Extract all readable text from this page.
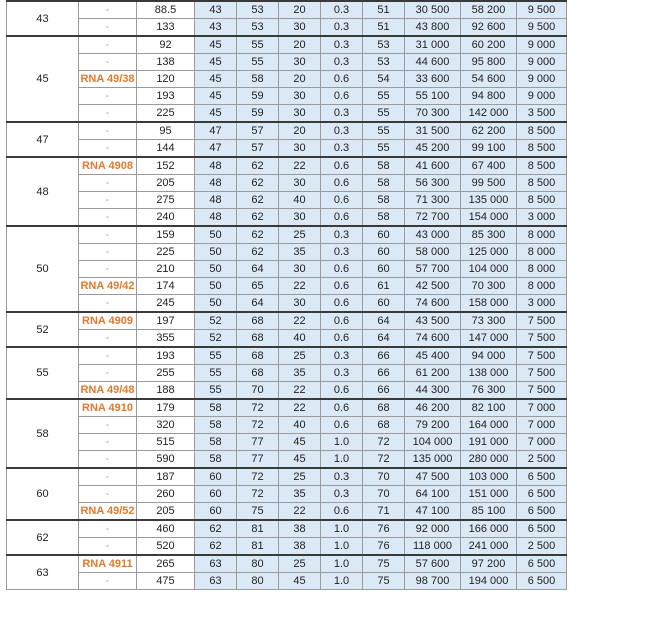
43	-	88.5	43	53	20	0.3	51	30 500	58 200	9 500
	-	133	43	53	30	0.3	51	43 800	92 600	9 500
45	-	92	45	55	20	0.3	53	31 000	60 200	9 000
	-	138	45	55	30	0.3	53	44 600	95 800	9 000
	RNA 49/38	120	45	58	20	0.6	54	33 600	54 600	9 000
	-	193	45	59	30	0.6	55	55 100	94 800	9 000
	-	225	45	59	30	0.3	55	70 300	142 000	3 500
47	-	95	47	57	20	0.3	55	31 500	62 200	8 500
	-	144	47	57	30	0.3	55	45 200	99 100	8 500
48	RNA 4908	152	48	62	22	0.6	58	41 600	67 400	8 500
	-	205	48	62	30	0.6	58	56 300	99 500	8 500
	-	275	48	62	40	0.6	58	71 300	135 000	8 500
	-	240	48	62	30	0.6	58	72 700	154 000	3 000
50	-	159	50	62	25	0.3	60	43 000	85 300	8 000
	-	225	50	62	35	0.3	60	58 000	125 000	8 000
	-	210	50	64	30	0.6	60	57 700	104 000	8 000
	RNA 49/42	174	50	65	22	0.6	61	42 500	70 300	8 000
	-	245	50	64	30	0.6	60	74 600	158 000	3 000
52	RNA 4909	197	52	68	22	0.6	64	43 500	73 300	7 500
	-	355	52	68	40	0.6	64	74 600	147 000	7 500
55	-	193	55	68	25	0.3	66	45 400	94 000	7 500
	-	255	55	68	35	0.3	66	61 200	138 000	7 500
	RNA 49/48	188	55	70	22	0.6	66	44 300	76 300	7 500
58	RNA 4910	179	58	72	22	0.6	68	46 200	82 100	7 000
	-	320	58	72	40	0.6	68	79 200	164 000	7 000
	-	515	58	77	45	1.0	72	104 000	191 000	7 000
	-	590	58	77	45	1.0	72	135 000	280 000	2 500
60	-	187	60	72	25	0.3	70	47 500	103 000	6 500
	-	260	60	72	35	0.3	70	64 100	151 000	6 500
	RNA 49/52	205	60	75	22	0.6	71	47 100	85 100	6 500
62	-	460	62	81	38	1.0	76	92 000	166 000	6 500
	-	520	62	81	38	1.0	76	118 000	241 000	2 500
63	RNA 4911	265	63	80	25	1.0	75	57 600	97 200	6 500
	-	475	63	80	45	1.0	75	98 700	194 000	6 500
